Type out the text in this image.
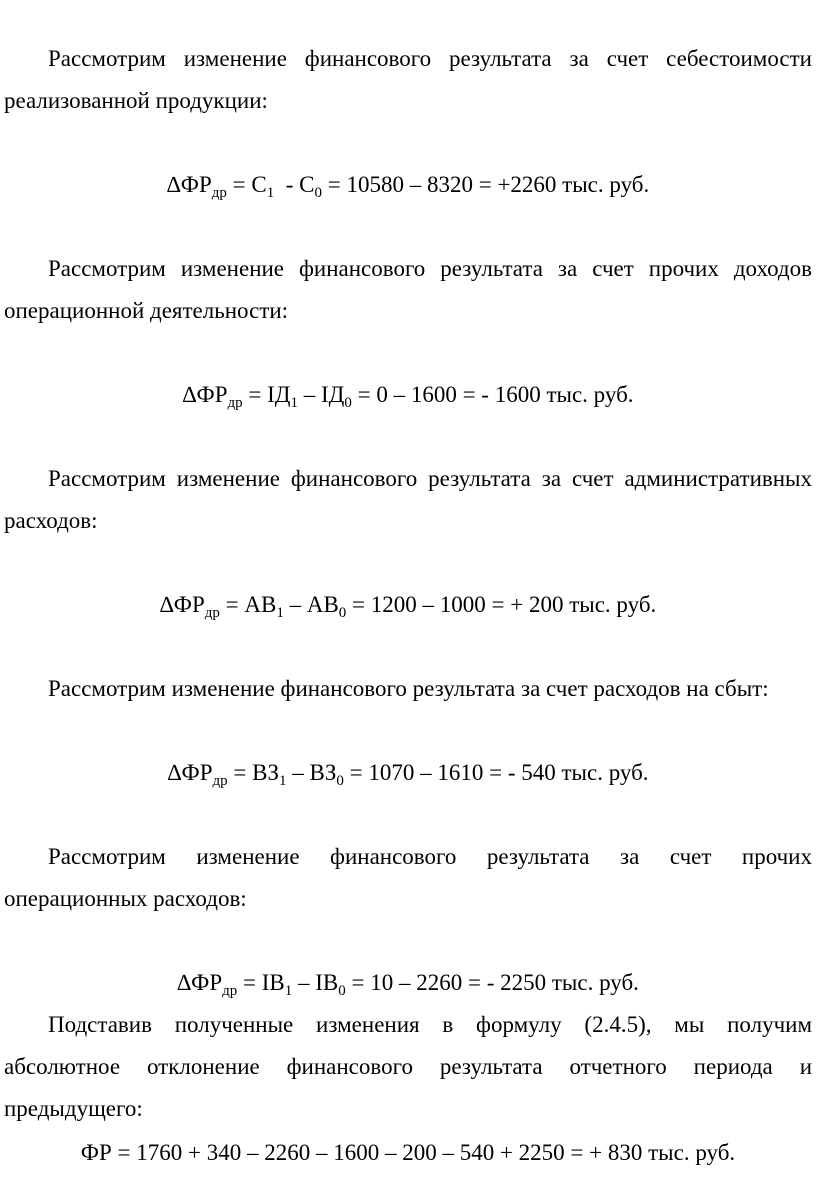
Рассмотрим изменение финансового результата за счет себестоимости реализованной продукции:

$\Delta ФР_{др} = С_1 - С_0 = 10580 - 8320 = +2260$ тыс. руб.

Рассмотрим изменение финансового результата за счет прочих доходов операционной деятельности:

$\Delta ФР_{др} = ІД_1 - ІД_0 = 0 - 1600$ = - 1600 тыс. руб.

Рассмотрим изменение финансового результата за счет административных расходов:

$\Delta ФР_{др} = АВ_1 - АВ_0 = 1200 - 1000$ = + 200 тыс. руб.

Рассмотрим изменение финансового результата за счет расходов на сбыт:

$\Delta ФР_{др} = ВЗ_1 - ВЗ_0 = 1070 - 1610$ = - 540 тыс. руб.

Рассмотрим изменение финансового результата за счет прочих операционных расходов:

$\Delta ФР_{др} = ІВ_1 - ІВ_0 = 10 - 2260$ = - 2250 тыс. руб.

Подставив полученные изменения в формулу (2.4.5), мы получим абсолютное отклонение финансового результата отчетного периода и предыдущего:

ФР = 1760 + 340 – 2260 – 1600 – 200 – 540 + 2250 = + 830 тыс. руб.
